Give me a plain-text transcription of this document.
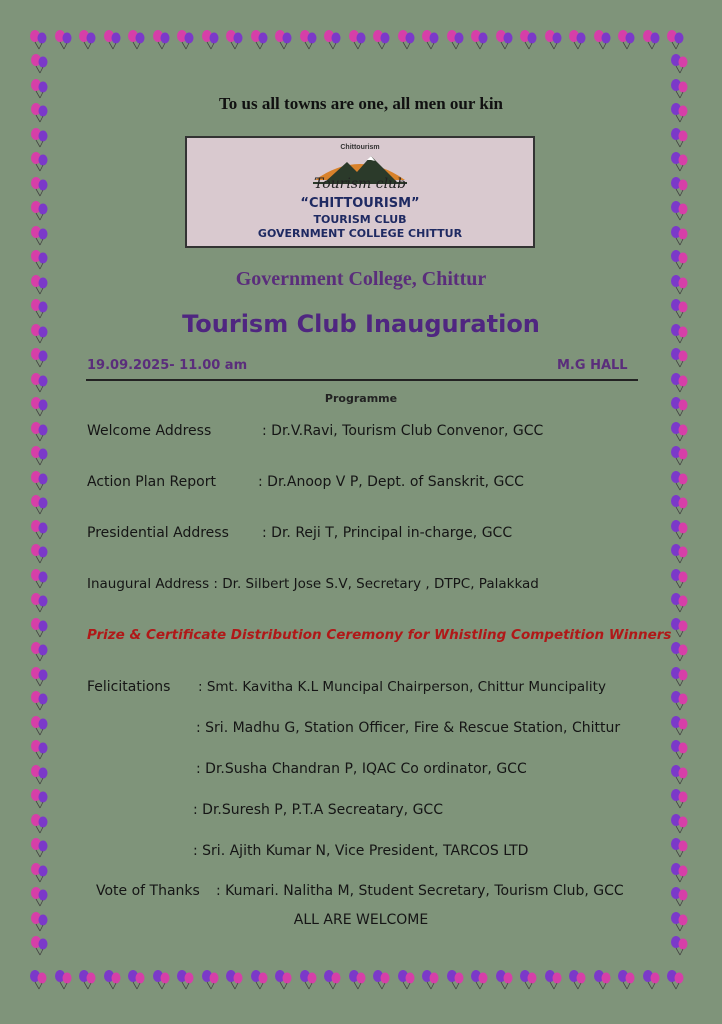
To us all towns are one, all men our kin
Chittourism
Tourism club
“CHITTOURISM”
TOURISM CLUB
GOVERNMENT COLLEGE CHITTUR
Government College, Chittur
Tourism Club Inauguration
19.09.2025- 11.00 am	M.G HALL
Programme
Welcome Address	: Dr.V.Ravi, Tourism Club Convenor, GCC
Action Plan Report	: Dr.Anoop V P, Dept. of Sanskrit, GCC
Presidential Address : Dr. Reji T, Principal in-charge, GCC
Inaugural Address : Dr. Silbert Jose S.V, Secretary , DTPC, Palakkad
Prize & Certificate Distribution Ceremony for Whistling Competition Winners
Felicitations : Smt. Kavitha K.L Muncipal Chairperson, Chittur Muncipality
: Sri. Madhu G, Station Officer, Fire & Rescue Station, Chittur
: Dr.Susha Chandran P, IQAC Co ordinator, GCC
: Dr.Suresh P, P.T.A Secreatary, GCC
: Sri. Ajith Kumar N, Vice President, TARCOS LTD
Vote of Thanks : Kumari. Nalitha M, Student Secretary, Tourism Club, GCC
ALL ARE WELCOME
